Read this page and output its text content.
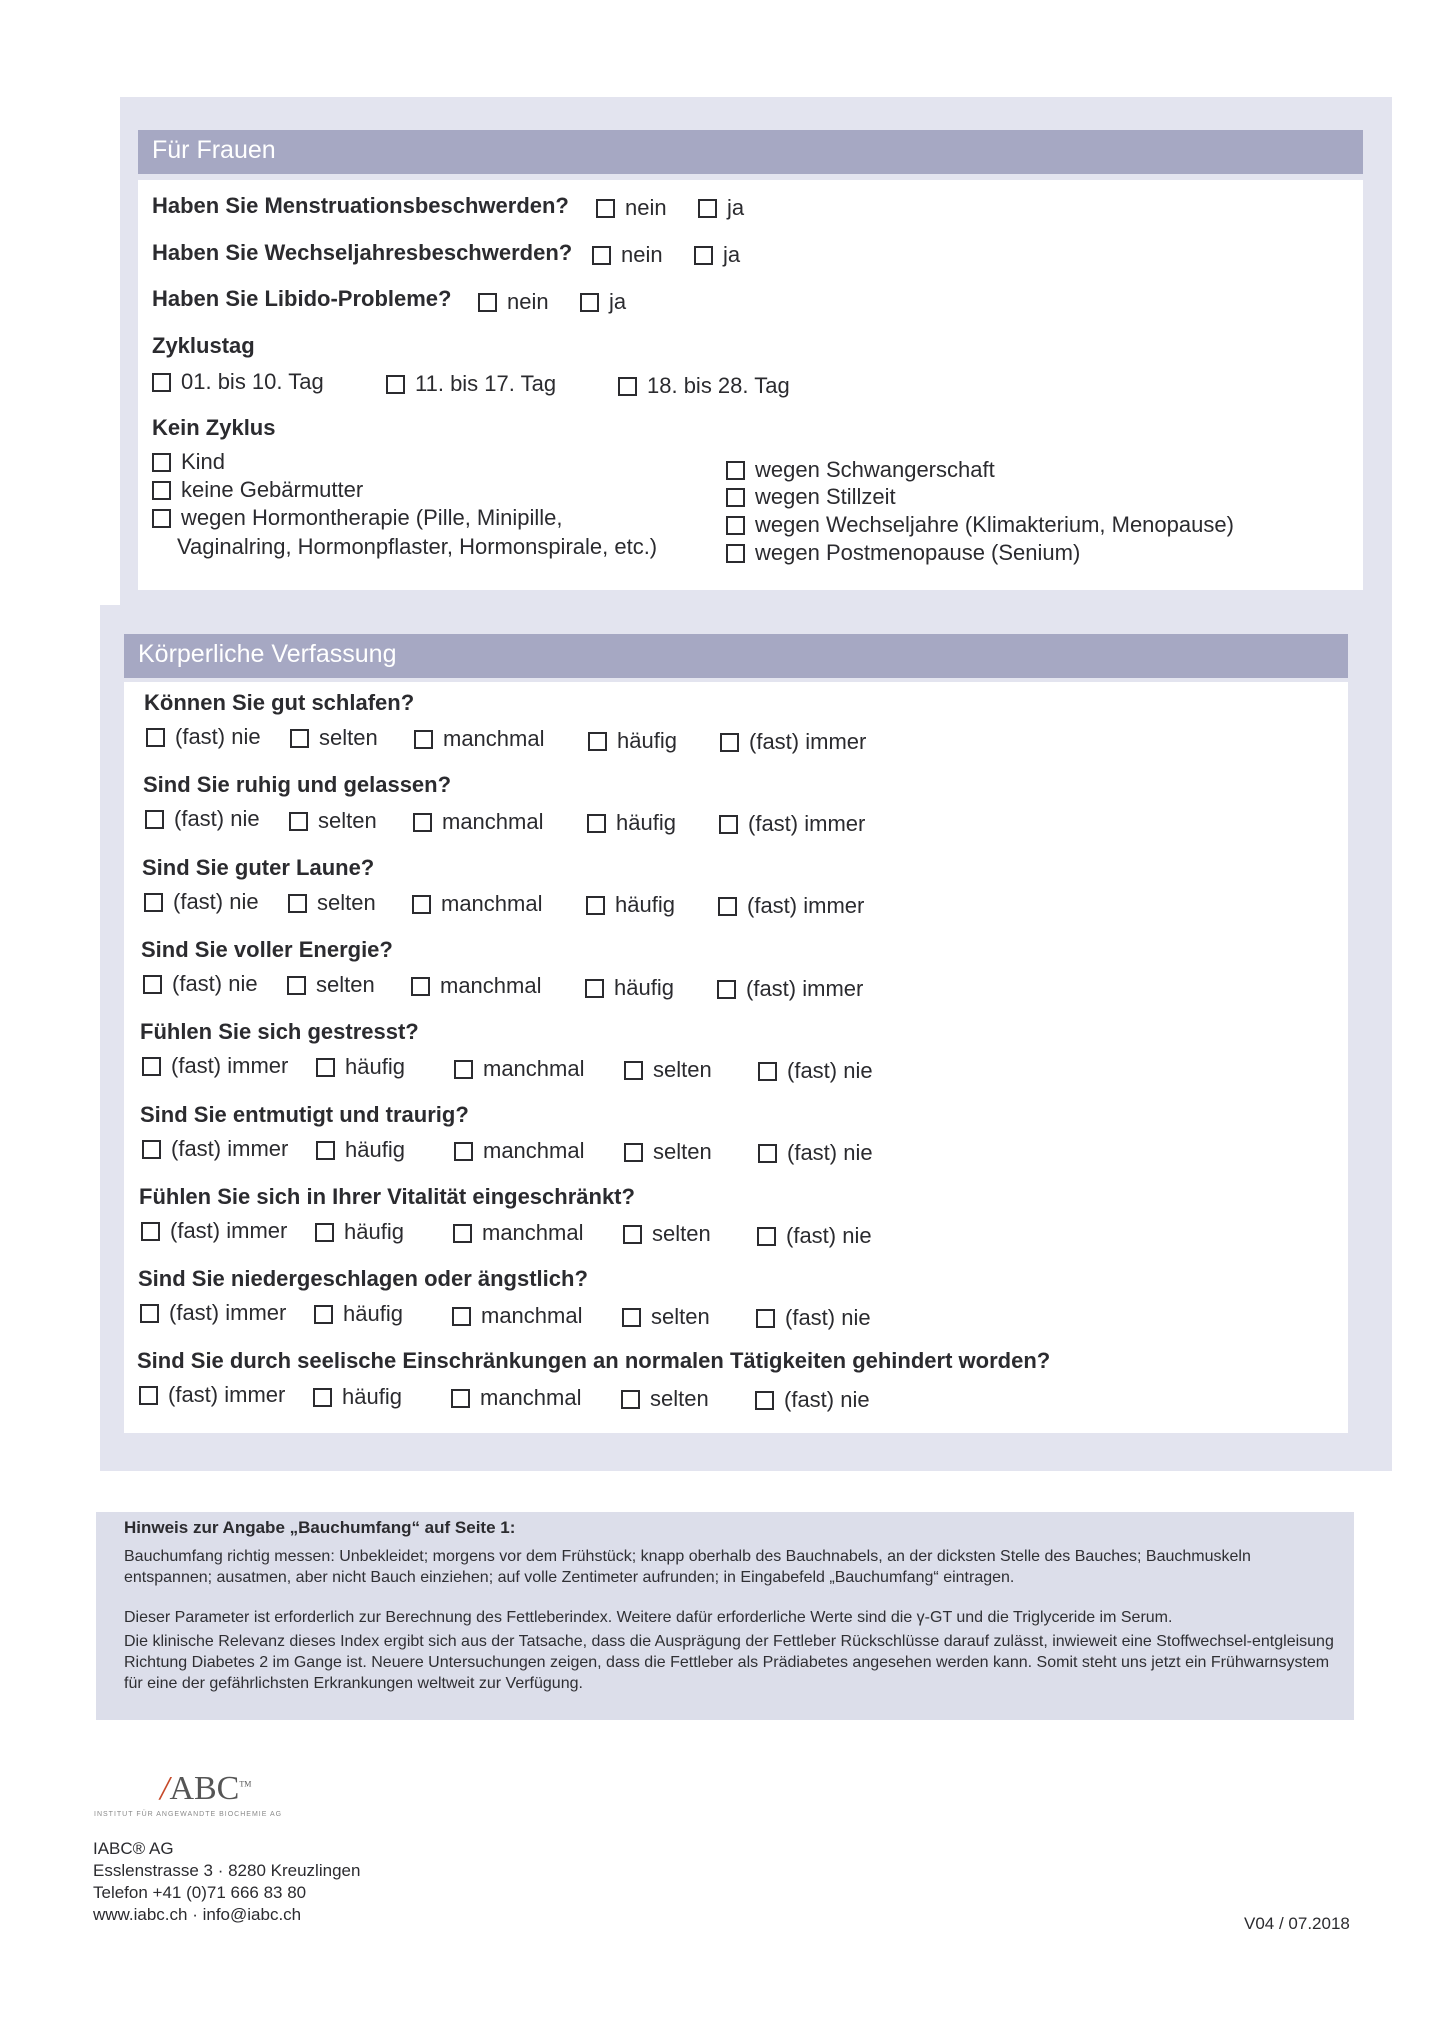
Für Frauen
Haben Sie Menstruationsbeschwerden?	nein	ja
Haben Sie Wechseljahresbeschwerden? nein	ja
Haben Sie Libido-Probleme?	nein	ja
Zyklustag
01. bis 10. Tag	11. bis 17. Tag	18. bis 28. Tag
Kein Zyklus
Kind
keine Gebärmutter
wegen Hormontherapie (Pille, Minipille,
Vaginalring, Hormonpflaster, Hormonspirale, etc.)
wegen Schwangerschaft
wegen Stillzeit
wegen Wechseljahre (Klimakterium, Menopause)
wegen Postmenopause (Senium)
Körperliche Verfassung
Können Sie gut schlafen?
(fast) nie	selten	manchmal	häufig	(fast) immer
Sind Sie ruhig und gelassen?
(fast) nie	selten	manchmal	häufig	(fast) immer
Sind Sie guter Laune?
(fast) nie	selten	manchmal	häufig	(fast) immer
Sind Sie voller Energie?
(fast) nie	selten	manchmal	häufig	(fast) immer
Fühlen Sie sich gestresst?
(fast) immer	häufig	manchmal	selten	(fast) nie
Sind Sie entmutigt und traurig?
(fast) immer	häufig	manchmal	selten	(fast) nie
Fühlen Sie sich in Ihrer Vitalität eingeschränkt?
(fast) immer	häufig	manchmal	selten	(fast) nie
Sind Sie niedergeschlagen oder ängstlich?
(fast) immer	häufig	manchmal	selten	(fast) nie
Sind Sie durch seelische Einschränkungen an normalen Tätigkeiten gehindert worden?
(fast) immer	häufig	manchmal	selten	(fast) nie
Hinweis zur Angabe „Bauchumfang“ auf Seite 1:
Bauchumfang richtig messen: Unbekleidet; morgens vor dem Frühstück; knapp oberhalb des Bauchnabels, an der dicksten Stelle des Bauches; Bauchmuskeln entspannen; ausatmen, aber nicht Bauch einziehen; auf volle Zentimeter aufrunden; in Eingabefeld „Bauchumfang“ eintragen.
Dieser Parameter ist erforderlich zur Berechnung des Fettleberindex. Weitere dafür erforderliche Werte sind die γ-GT und die Triglyceride im Serum.
Die klinische Relevanz dieses Index ergibt sich aus der Tatsache, dass die Ausprägung der Fettleber Rückschlüsse darauf zulässt, inwieweit eine Stoffwechsel-entgleisung Richtung Diabetes 2 im Gange ist. Neuere Untersuchungen zeigen, dass die Fettleber als Prädiabetes angesehen werden kann. Somit steht uns jetzt ein Frühwarnsystem für eine der gefährlichsten Erkrankungen weltweit zur Verfügung.
/ABC™
INSTITUT FÜR ANGEWANDTE BIOCHEMIE AG
IABC® AG
Esslenstrasse 3 · 8280 Kreuzlingen
Telefon +41 (0)71 666 83 80
www.iabc.ch · info@iabc.ch	V04 / 07.2018
